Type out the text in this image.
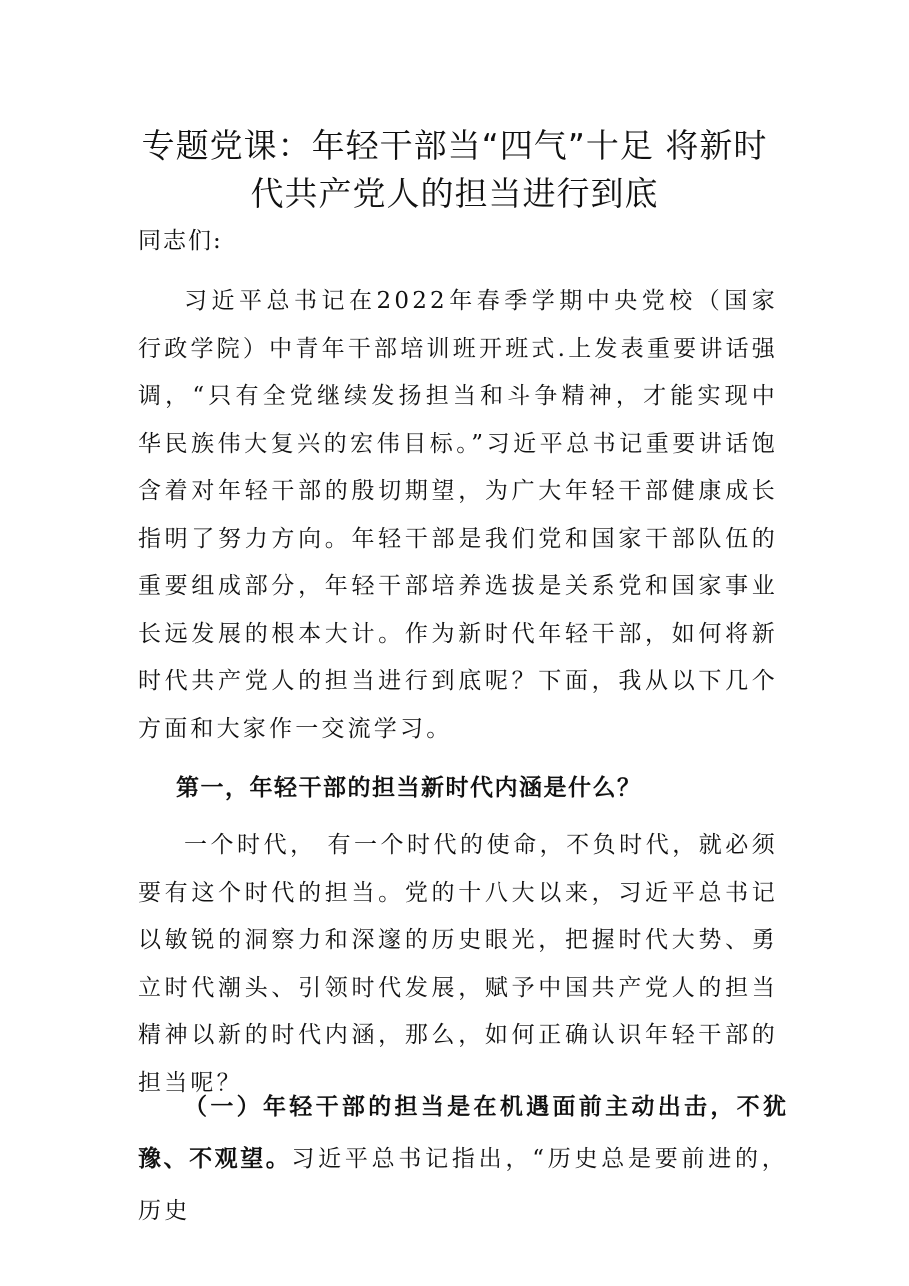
专题党课：年轻干部当“四气”十足 将新时
代共产党人的担当进行到底

同志们:

习近平总书记在2022年春季学期中央党校（国家行政学院）中青年干部培训班开班式.上发表重要讲话强调，“只有全党继续发扬担当和斗争精神，才能实现中华民族伟大复兴的宏伟目标。”习近平总书记重要讲话饱含着对年轻干部的殷切期望，为广大年轻干部健康成长指明了努力方向。年轻干部是我们党和国家干部队伍的重要组成部分，年轻干部培养选拔是关系党和国家事业长远发展的根本大计。作为新时代年轻干部，如何将新时代共产党人的担当进行到底呢？下面，我从以下几个方面和大家作一交流学习。

第一，年轻干部的担当新时代内涵是什么？

一个时代， 有一个时代的使命，不负时代，就必须要有这个时代的担当。党的十八大以来，习近平总书记以敏锐的洞察力和深邃的历史眼光，把握时代大势、勇立时代潮头、引领时代发展，赋予中国共产党人的担当精神以新的时代内涵，那么，如何正确认识年轻干部的担当呢？

（一）年轻干部的担当是在机遇面前主动出击，不犹豫、不观望。习近平总书记指出，“历史总是要前进的，历史
